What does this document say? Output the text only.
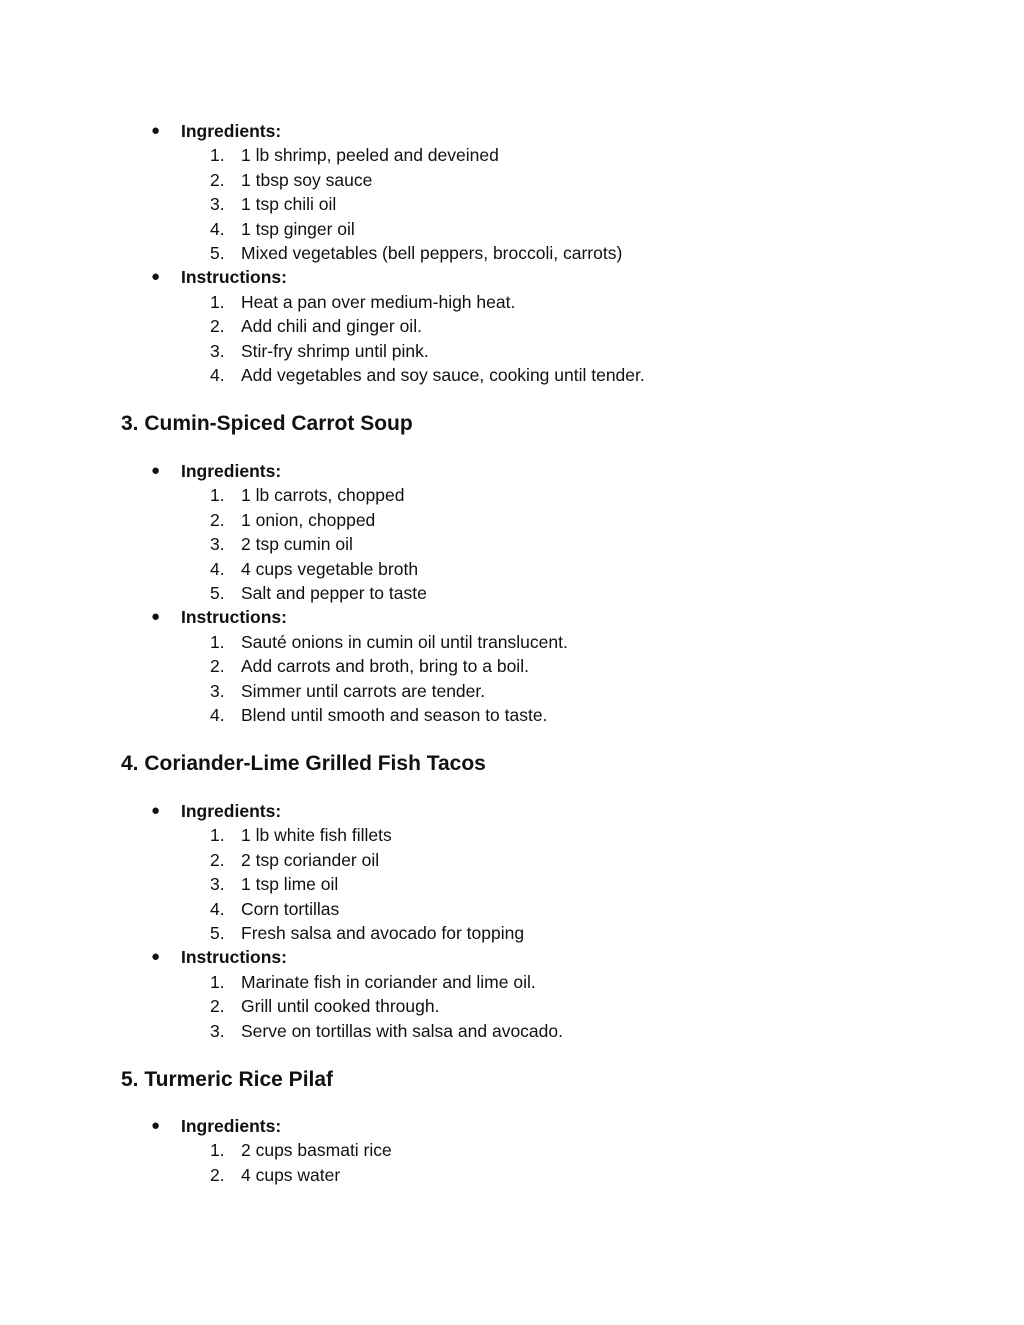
● Ingredients:
1. 1 lb shrimp, peeled and deveined
2. 1 tbsp soy sauce
3. 1 tsp chili oil
4. 1 tsp ginger oil
5. Mixed vegetables (bell peppers, broccoli, carrots)
● Instructions:
1. Heat a pan over medium-high heat.
2. Add chili and ginger oil.
3. Stir-fry shrimp until pink.
4. Add vegetables and soy sauce, cooking until tender.
3. Cumin-Spiced Carrot Soup
● Ingredients:
1. 1 lb carrots, chopped
2. 1 onion, chopped
3. 2 tsp cumin oil
4. 4 cups vegetable broth
5. Salt and pepper to taste
● Instructions:
1. Sauté onions in cumin oil until translucent.
2. Add carrots and broth, bring to a boil.
3. Simmer until carrots are tender.
4. Blend until smooth and season to taste.
4. Coriander-Lime Grilled Fish Tacos
● Ingredients:
1. 1 lb white fish fillets
2. 2 tsp coriander oil
3. 1 tsp lime oil
4. Corn tortillas
5. Fresh salsa and avocado for topping
● Instructions:
1. Marinate fish in coriander and lime oil.
2. Grill until cooked through.
3. Serve on tortillas with salsa and avocado.
5. Turmeric Rice Pilaf
● Ingredients:
1. 2 cups basmati rice
2. 4 cups water
